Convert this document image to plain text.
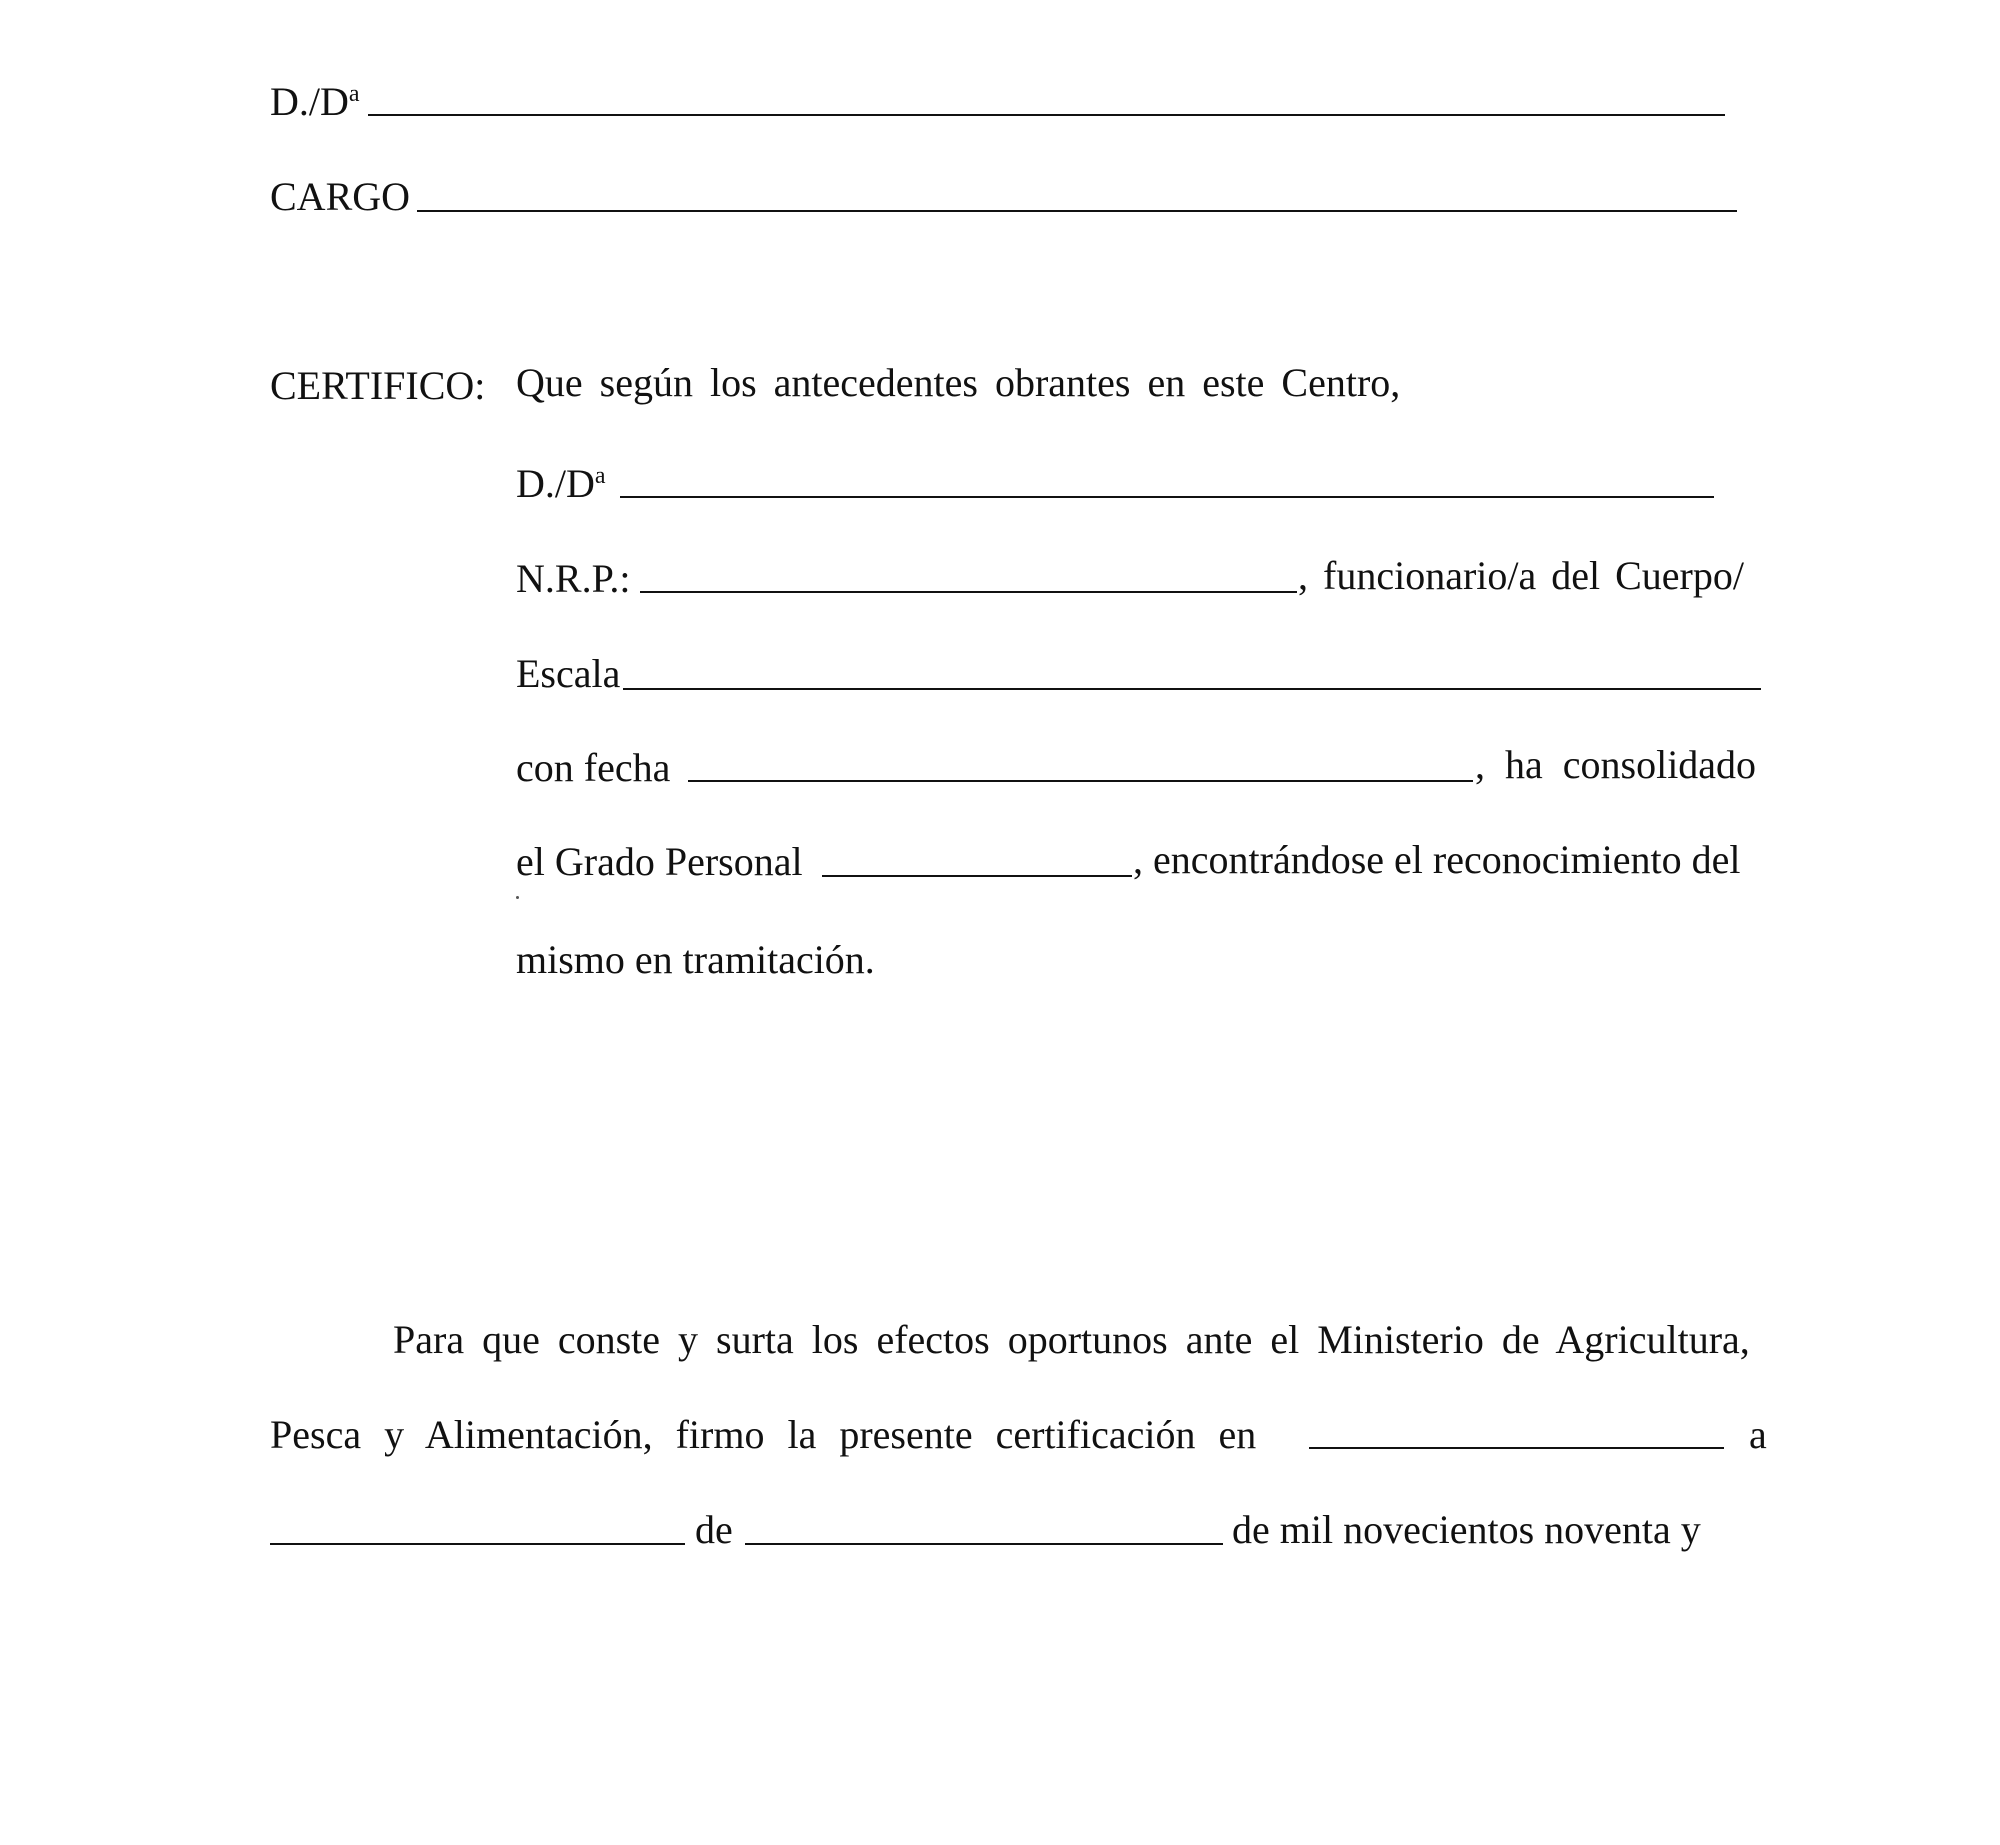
$D./D^a$
CARGO
CERTIFICO: Que según los antecedentes obrantes en este Centro,
$D./D^a$
N.R.P.:	, funcionario/a del Cuerpo/
Escala
con fecha	, ha consolidado
el Grado Personal	, encontrándose el reconocimiento del
mismo en tramitación.
Para que conste y surta los efectos oportunos ante el Ministerio de Agricultura,
Pesca y Alimentación, firmo la presente certificación en	a
de	de mil novecientos noventa y
